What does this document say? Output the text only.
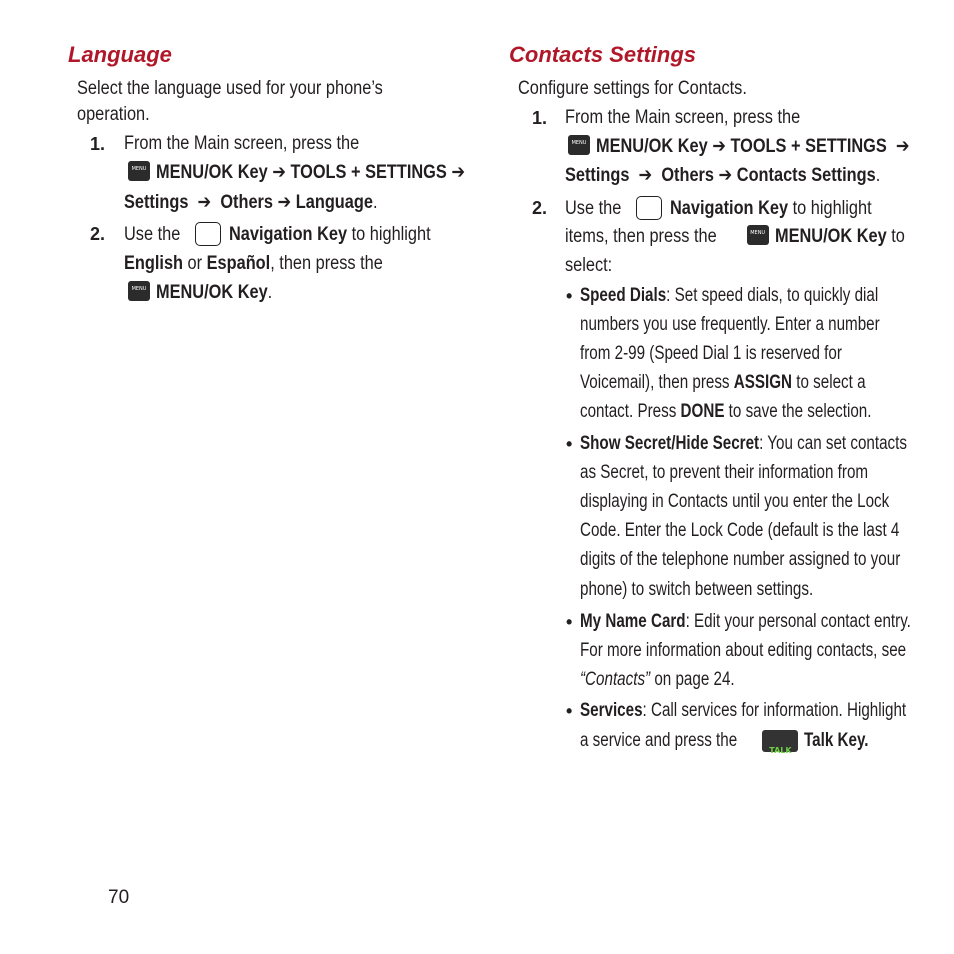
Language
Select the language used for your phone’s
operation.
1. From the Main screen, press the
MENU MENU/OK Key ➔ TOOLS + SETTINGS ➔
Settings ➔ Others ➔ Language.
2. Use the	Navigation Key to highlight
English or Español, then press the
MENU MENU/OK Key.
Contacts Settings
Configure settings for Contacts.
1. From the Main screen, press the
MENU MENU/OK Key ➔ TOOLS + SETTINGS ➔
Settings ➔ Others ➔ Contacts Settings.
2. Use the	Navigation Key to highlight
items, then press the	MENU MENU/OK Key to
select:
• Speed Dials: Set speed dials, to quickly dial
numbers you use frequently. Enter a number
from 2-99 (Speed Dial 1 is reserved for
Voicemail), then press ASSIGN to select a
contact. Press DONE to save the selection.
• Show Secret/Hide Secret: You can set contacts
as Secret, to prevent their information from
displaying in Contacts until you enter the Lock
Code. Enter the Lock Code (default is the last 4
digits of the telephone number assigned to your
phone) to switch between settings.
• My Name Card: Edit your personal contact entry.
For more information about editing contacts, see
“Contacts” on page 24.
• Services: Call services for information. Highlight
a service and press the	TALK Talk Key.
70
